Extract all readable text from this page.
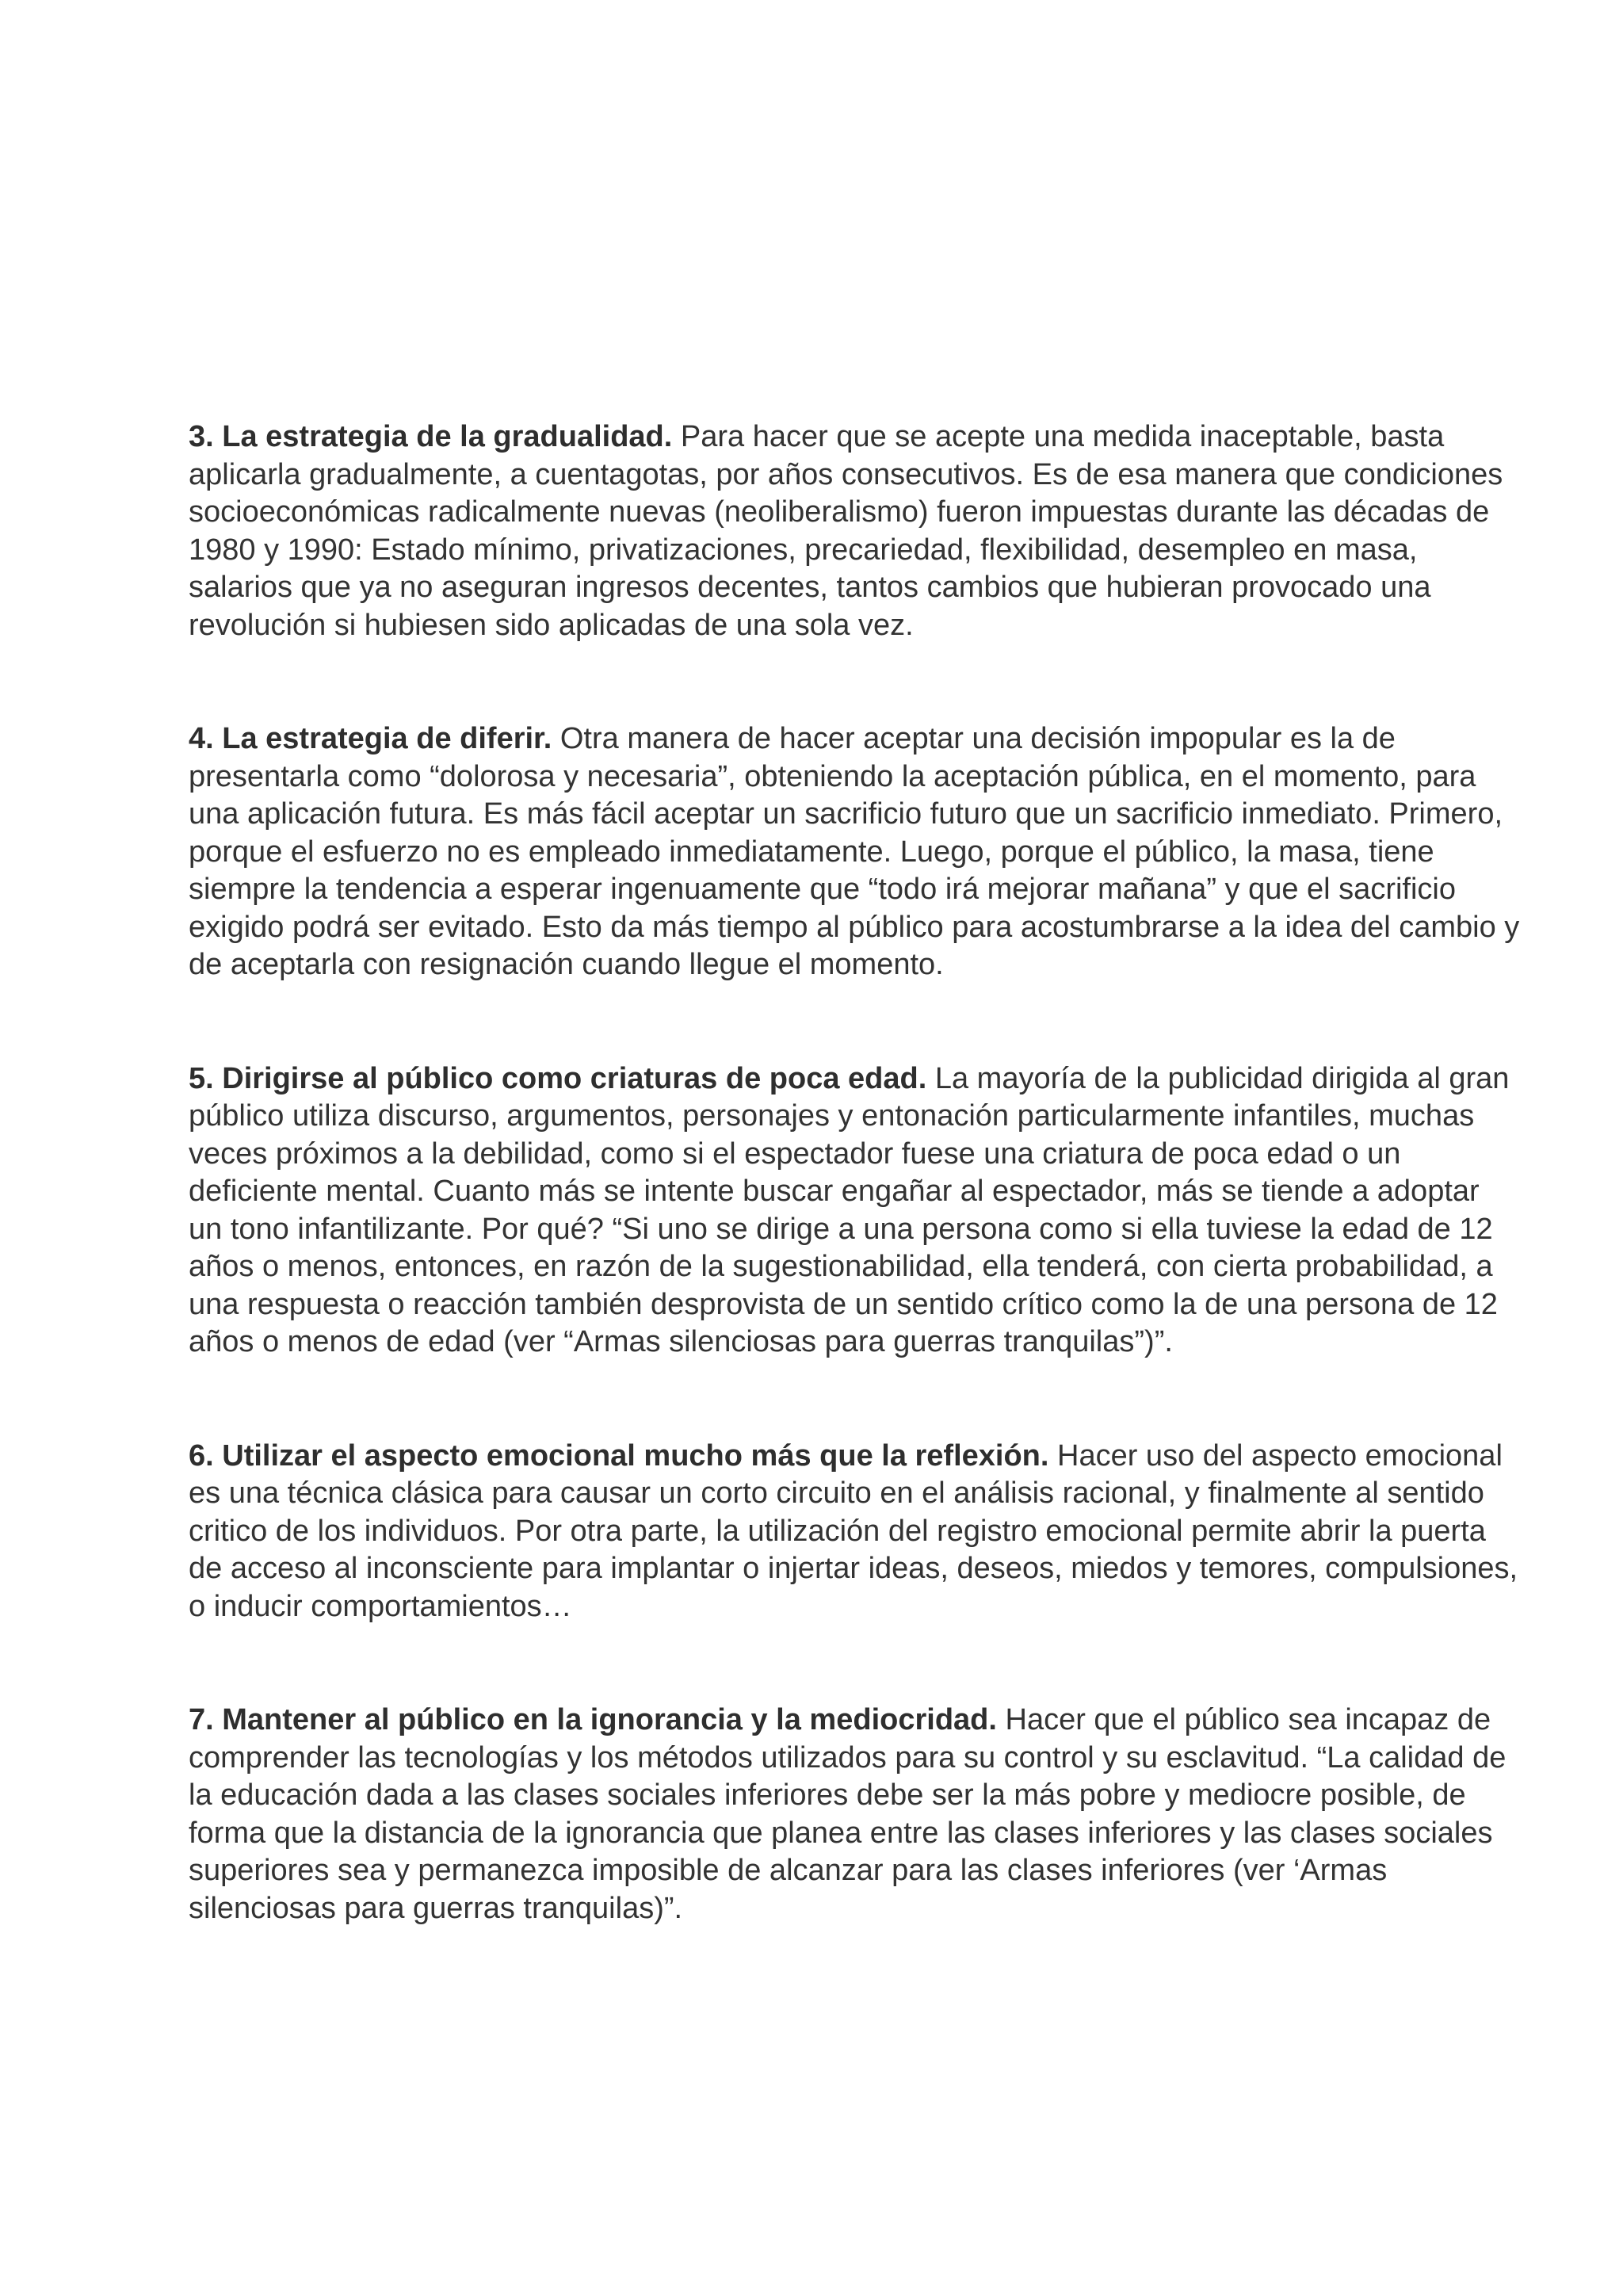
3. La estrategia de la gradualidad. Para hacer que se acepte una medida inaceptable, basta aplicarla gradualmente, a cuentagotas, por años consecutivos. Es de esa manera que condiciones socioeconómicas radicalmente nuevas (neoliberalismo) fueron impuestas durante las décadas de 1980 y 1990: Estado mínimo, privatizaciones, precariedad, flexibilidad, desempleo en masa, salarios que ya no aseguran ingresos decentes, tantos cambios que hubieran provocado una revolución si hubiesen sido aplicadas de una sola vez.

4. La estrategia de diferir. Otra manera de hacer aceptar una decisión impopular es la de presentarla como “dolorosa y necesaria”, obteniendo la aceptación pública, en el momento, para una aplicación futura. Es más fácil aceptar un sacrificio futuro que un sacrificio inmediato. Primero, porque el esfuerzo no es empleado inmediatamente. Luego, porque el público, la masa, tiene siempre la tendencia a esperar ingenuamente que “todo irá mejorar mañana” y que el sacrificio exigido podrá ser evitado. Esto da más tiempo al público para acostumbrarse a la idea del cambio y de aceptarla con resignación cuando llegue el momento.

5. Dirigirse al público como criaturas de poca edad. La mayoría de la publicidad dirigida al gran público utiliza discurso, argumentos, personajes y entonación particularmente infantiles, muchas veces próximos a la debilidad, como si el espectador fuese una criatura de poca edad o un deficiente mental. Cuanto más se intente buscar engañar al espectador, más se tiende a adoptar un tono infantilizante. Por qué? “Si uno se dirige a una persona como si ella tuviese la edad de 12 años o menos, entonces, en razón de la sugestionabilidad, ella tenderá, con cierta probabilidad, a una respuesta o reacción también desprovista de un sentido crítico como la de una persona de 12 años o menos de edad (ver “Armas silenciosas para guerras tranquilas”)”.

6. Utilizar el aspecto emocional mucho más que la reflexión. Hacer uso del aspecto emocional es una técnica clásica para causar un corto circuito en el análisis racional, y finalmente al sentido critico de los individuos. Por otra parte, la utilización del registro emocional permite abrir la puerta de acceso al inconsciente para implantar o injertar ideas, deseos, miedos y temores, compulsiones, o inducir comportamientos…

7. Mantener al público en la ignorancia y la mediocridad. Hacer que el público sea incapaz de comprender las tecnologías y los métodos utilizados para su control y su esclavitud. “La calidad de la educación dada a las clases sociales inferiores debe ser la más pobre y mediocre posible, de forma que la distancia de la ignorancia que planea entre las clases inferiores y las clases sociales superiores sea y permanezca imposible de alcanzar para las clases inferiores (ver ‘Armas silenciosas para guerras tranquilas)”.
